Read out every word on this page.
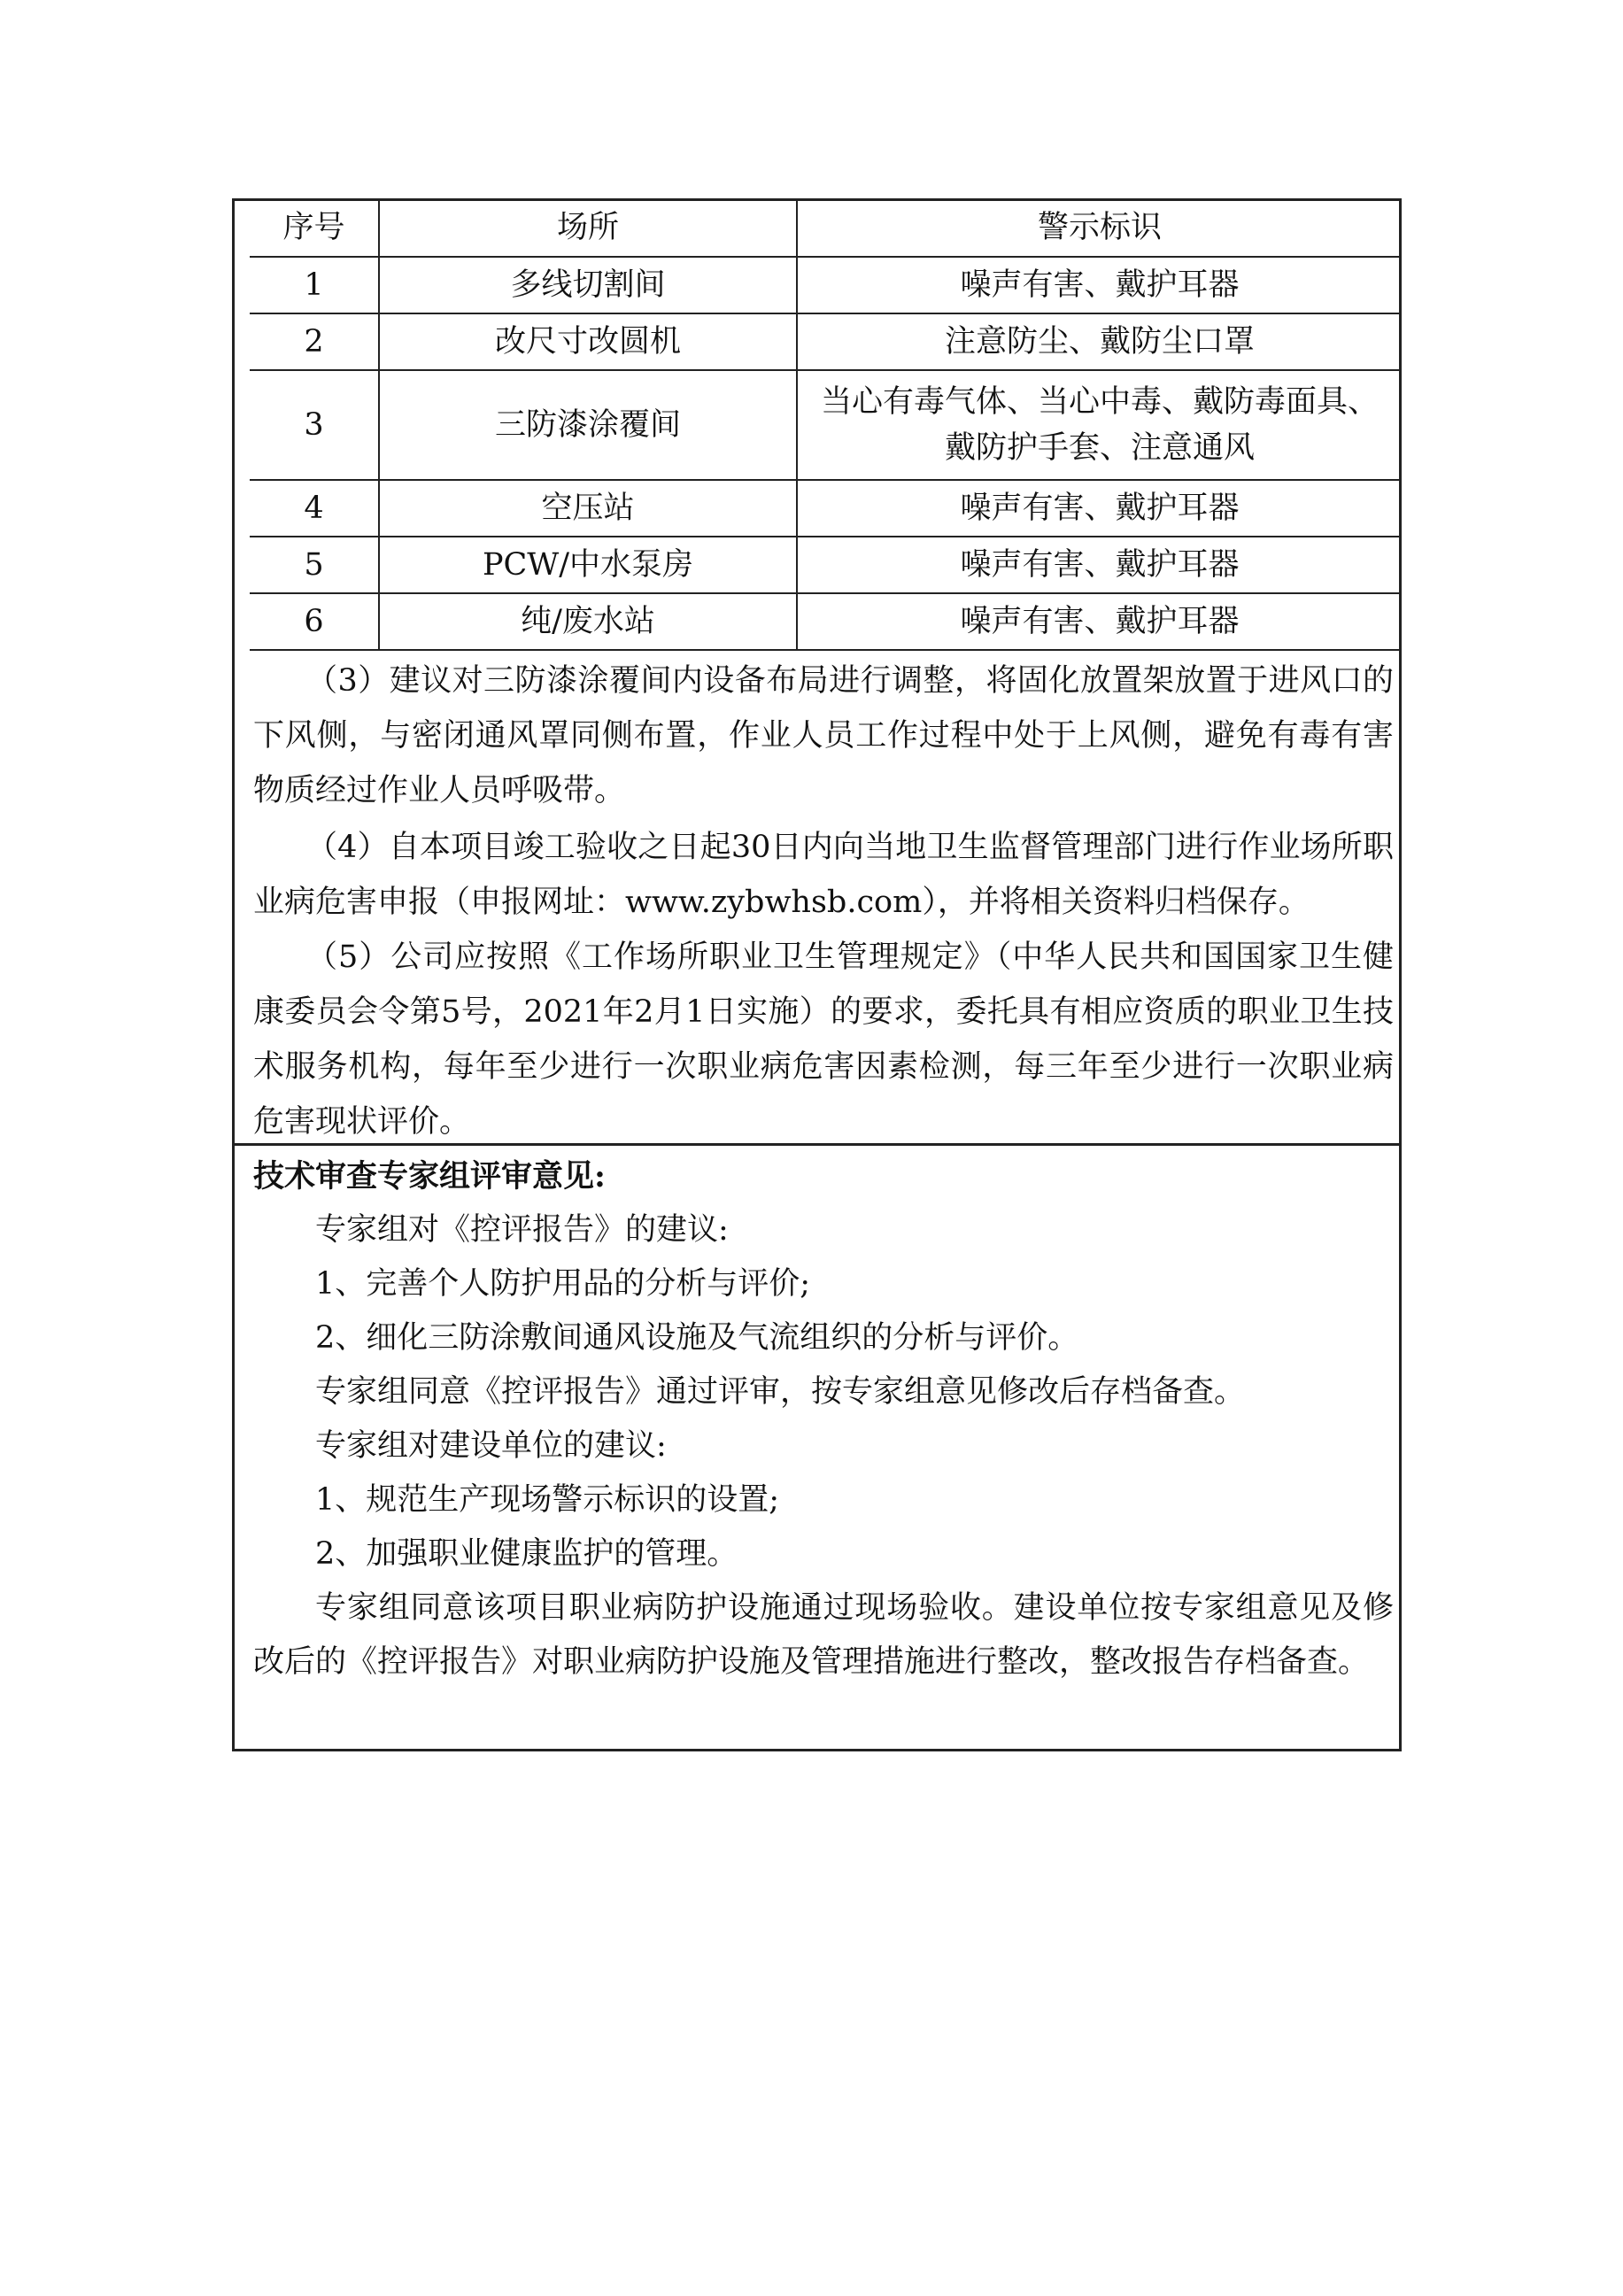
序号	场所	警示标识
1	多线切割间	噪声有害、戴护耳器
2	改尺寸改圆机	注意防尘、戴防尘口罩
3	三防漆涂覆间	当心有毒气体、当心中毒、戴防毒面具、
戴防护手套、注意通风

4	空压站	噪声有害、戴护耳器
5	PCW/中水泵房	噪声有害、戴护耳器
6	纯/废水站	噪声有害、戴护耳器

（3）建议对三防漆涂覆间内设备布局进行调整，将固化放置架放置于进风口的下风侧，与密闭通风罩同侧布置，作业人员工作过程中处于上风侧，避免有毒有害物质经过作业人员呼吸带。

（4）自本项目竣工验收之日起30日内向当地卫生监督管理部门进行作业场所职业病危害申报（申报网址：www.zybwhsb.com），并将相关资料归档保存。

（5）公司应按照《工作场所职业卫生管理规定》（中华人民共和国国家卫生健康委员会令第5号，2021年2月1日实施）的要求，委托具有相应资质的职业卫生技术服务机构，每年至少进行一次职业病危害因素检测，每三年至少进行一次职业病危害现状评价。

技术审查专家组评审意见:

专家组对《控评报告》的建议:

1、完善个人防护用品的分析与评价;

2、细化三防涂敷间通风设施及气流组织的分析与评价。

专家组同意《控评报告》通过评审，按专家组意见修改后存档备查。

专家组对建设单位的建议:

1、规范生产现场警示标识的设置;

2、加强职业健康监护的管理。

专家组同意该项目职业病防护设施通过现场验收。建设单位按专家组意见及修改后的《控评报告》对职业病防护设施及管理措施进行整改，整改报告存档备查。
